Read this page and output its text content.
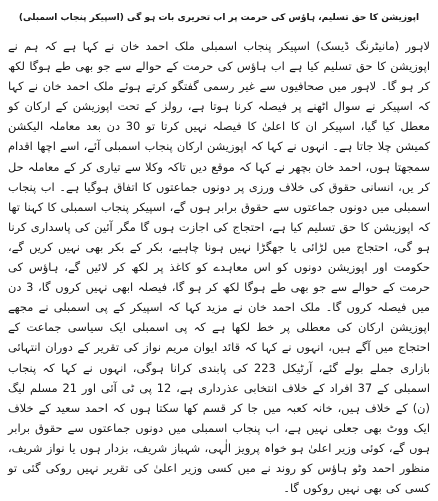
اپوزیشن کا حق تسلیم، ہاؤس کی حرمت پر اب تحریری بات ہو گی (اسپیکر پنجاب اسمبلی)

لاہور (مانیٹرنگ ڈیسک) اسپیکر پنجاب اسمبلی ملک احمد خان نے کہا ہے کہ ہم نے اپوزیشن کا حق تسلیم کیا ہے اب ہاؤس کی حرمت کے حوالے سے جو بھی طے ہوگا لکھ کر ہو گا۔ لاہور میں صحافیوں سے غیر رسمی گفتگو کرتے ہوئے ملک احمد خان نے کہا کہ اسپیکر نے سوال اٹھنے پر فیصلہ کرنا ہوتا ہے، رولز کے تحت اپوزیشن کے ارکان کو معطل کیا گیا، اسپیکر ان کا اعلیٰ کا فیصلہ نہیں کرتا تو 30 دن بعد معاملہ الیکشن کمیشن چلا جاتا ہے۔ انہوں نے کہا کہ اپوزیشن ارکان پنجاب اسمبلی آئے، اسے اچھا اقدام سمجھتا ہوں، احمد خان بچھر نے کہا کہ موقع دیں تاکہ وکلا سے تیاری کر کے معاملہ حل کر یں، انسانی حقوق کی خلاف ورزی پر دونوں جماعتوں کا اتفاق ہوگیا ہے۔ اب پنجاب اسمبلی میں دونوں جماعتوں سے حقوق برابر ہوں گے، اسپیکر پنجاب اسمبلی کا کہنا تھا کہ اپوزیشن کا حق تسلیم کیا ہے، احتجاج کی اجازت ہوں گا مگر آئین کی پاسداری کرنا ہو گی، احتجاج میں لڑائی یا جھگڑا نہیں ہونا چاہیے، بکر کے بکر بھی نہیں کریں گے، حکومت اور اپوزیشن دونوں کو اس معاہدے کو کاغذ پر لکھ کر لائیں گے، ہاؤس کی حرمت کے حوالے سے جو بھی طے ہوگا لکھ کر ہو گا، فیصلہ ابھی نہیں کروں گا، 3 دن میں فیصلہ کروں گا۔ ملک احمد خان نے مزید کہا کہ اسپیکر کے پی اسمبلی نے مجھے اپوزیشن ارکان کی معطلی پر خط لکھا ہے کہ پی اسمبلی ایک سیاسی جماعت کے احتجاج میں آگے ہیں، انہوں نے کہا کہ قائد ایوان مریم نواز کی تقریر کے دوران انتہائی بازاری جملے بولے گئے، آرٹیکل 223 کی پابندی کرانا ہوگی، انہوں نے کہا کہ پنجاب اسمبلی کے 37 افراد کے خلاف انتخابی عذرداری ہے، 12 پی ٹی آئی اور 21 مسلم لیگ (ن) کے خلاف ہیں، خانہ کعبہ میں جا کر قسم کھا سکتا ہوں کہ احمد سعید کے خلاف ایک ووٹ بھی جعلی نہیں ہے، اب پنجاب اسمبلی میں دونوں جماعتوں سے حقوق برابر ہوں گے، کوئی وزیر اعلیٰ ہو خواہ پرویز الٰہی، شہباز شریف، بزدار ہوں یا نواز شریف، منظور احمد وٹو ہاؤس کو روند نے میں کسی وزیر اعلیٰ کی تقریر نہیں روکی گئی تو کسی کی بھی نہیں روکوں گا۔
